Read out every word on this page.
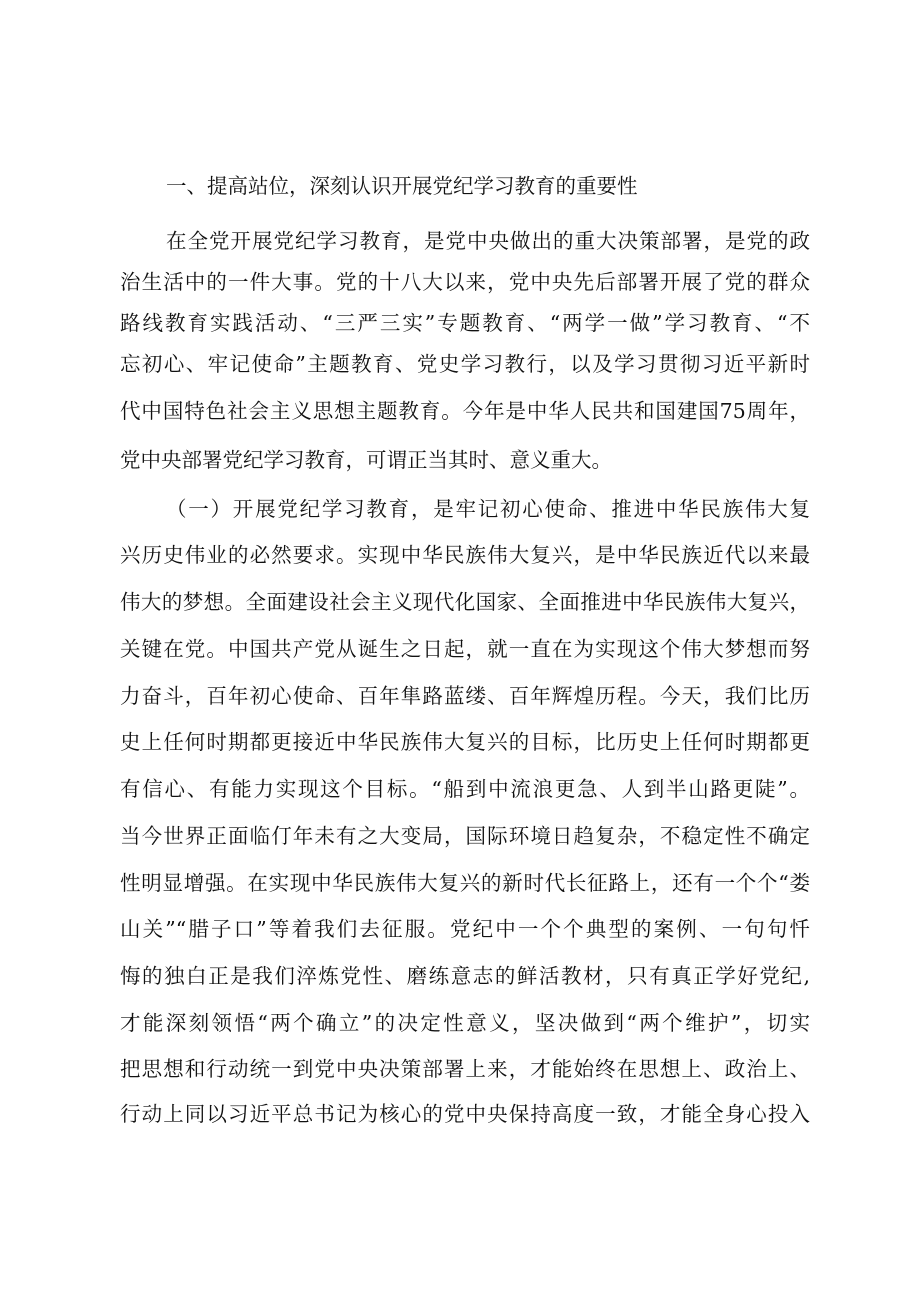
一、提高站位，深刻认识开展党纪学习教育的重要性
在全党开展党纪学习教育，是党中央做出的重大决策部署，是党的政
治生活中的一件大事。党的十八大以来，党中央先后部署开展了党的群众
路线教育实践活动、“三严三实”专题教育、“两学一做”学习教育、“不
忘初心、牢记使命”主题教育、党史学习教行，以及学习贯彻习近平新时
代中国特色社会主义思想主题教育。今年是中华人民共和国建国75周年，
党中央部署党纪学习教育，可谓正当其时、意义重大。
（一）开展党纪学习教育，是牢记初心使命、推进中华民族伟大复
兴历史伟业的必然要求。实现中华民族伟大复兴，是中华民族近代以来最
伟大的梦想。全面建设社会主义现代化国家、全面推进中华民族伟大复兴，
关键在党。中国共产党从诞生之日起，就一直在为实现这个伟大梦想而努
力奋斗，百年初心使命、百年隼路蓝缕、百年辉煌历程。今天，我们比历
史上任何时期都更接近中华民族伟大复兴的目标，比历史上任何时期都更
有信心、有能力实现这个目标。“船到中流浪更急、人到半山路更陡”。
当今世界正面临仃年未有之大变局，国际环境日趋复杂，不稳定性不确定
性明显增强。在实现中华民族伟大复兴的新时代长征路上，还有一个个“娄
山关”“腊子口”等着我们去征服。党纪中一个个典型的案例、一句句忏
悔的独白正是我们淬炼党性、磨练意志的鲜活教材，只有真正学好党纪,
才能深刻领悟“两个确立”的决定性意义，坚决做到“两个维护”，切实
把思想和行动统一到党中央决策部署上来，才能始终在思想上、政治上、
行动上同以习近平总书记为核心的党中央保持高度一致，才能全身心投入
